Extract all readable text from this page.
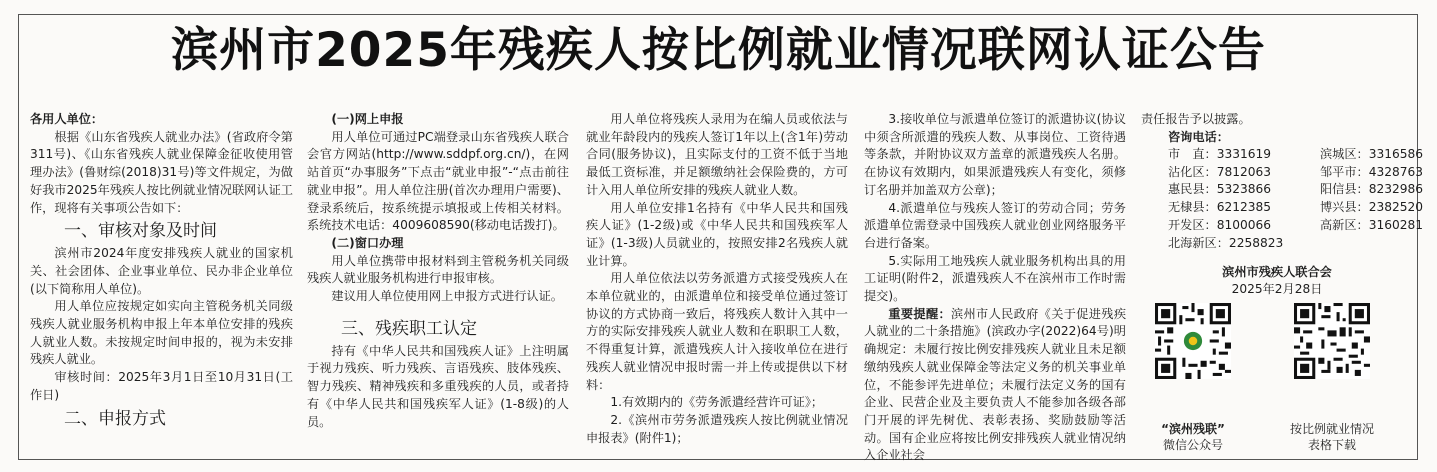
滨州市2025年残疾人按比例就业情况联网认证公告

各用人单位：

根据《山东省残疾人就业办法》(省政府令第311号)、《山东省残疾人就业保障金征收使用管理办法》(鲁财综(2018)31号)等文件规定，为做好我市2025年残疾人按比例就业情况联网认证工作，现将有关事项公告如下：

一、审核对象及时间

滨州市2024年度安排残疾人就业的国家机关、社会团体、企业事业单位、民办非企业单位(以下简称用人单位)。

用人单位应按规定如实向主管税务机关同级残疾人就业服务机构申报上年本单位安排的残疾人就业人数。未按规定时间申报的，视为未安排残疾人就业。

审核时间：2025年3月1日至10月31日(工作日)

二、申报方式

(一)网上申报

用人单位可通过PC端登录山东省残疾人联合会官方网站(http://www.sddpf.org.cn/)，在网站首页“办事服务”下点击“就业申报”-“点击前往就业申报”。用人单位注册(首次办理用户需要)、登录系统后，按系统提示填报或上传相关材料。系统技术电话：4009608590(移动电话拨打)。

(二)窗口办理

用人单位携带申报材料到主管税务机关同级残疾人就业服务机构进行申报审核。

建议用人单位使用网上申报方式进行认证。

三、残疾职工认定

持有《中华人民共和国残疾人证》上注明属于视力残疾、听力残疾、言语残疾、肢体残疾、智力残疾、精神残疾和多重残疾的人员，或者持有《中华人民共和国残疾军人证》(1-8级)的人员。

用人单位将残疾人录用为在编人员或依法与就业年龄段内的残疾人签订1年以上(含1年)劳动合同(服务协议)，且实际支付的工资不低于当地最低工资标准，并足额缴纳社会保险费的，方可计入用人单位所安排的残疾人就业人数。

用人单位安排1名持有《中华人民共和国残疾人证》(1-2级)或《中华人民共和国残疾军人证》(1-3级)人员就业的，按照安排2名残疾人就业计算。

用人单位依法以劳务派遣方式接受残疾人在本单位就业的，由派遣单位和接受单位通过签订协议的方式协商一致后，将残疾人数计入其中一方的实际安排残疾人就业人数和在职职工人数，不得重复计算，派遣残疾人计入接收单位在进行残疾人就业情况申报时需一并上传或提供以下材料：

1.有效期内的《劳务派遣经营许可证》；

2.《滨州市劳务派遣残疾人按比例就业情况申报表》(附件1)；

3.接收单位与派遣单位签订的派遣协议(协议中须含所派遣的残疾人数、从事岗位、工资待遇等条款，并附协议双方盖章的派遣残疾人名册。在协议有效期内，如果派遣残疾人有变化，须修订名册并加盖双方公章)；

4.派遣单位与残疾人签订的劳动合同；劳务派遣单位需登录中国残疾人就业创业网络服务平台进行备案。

5.实际用工地残疾人就业服务机构出具的用工证明(附件2，派遣残疾人不在滨州市工作时需提交)。

重要提醒：滨州市人民政府《关于促进残疾人就业的二十条措施》(滨政办字(2022)64号)明确规定：未履行按比例安排残疾人就业且未足额缴纳残疾人就业保障金等法定义务的机关事业单位，不能参评先进单位；未履行法定义务的国有企业、民营企业及主要负责人不能参加各级各部门开展的评先树优、表彰表扬、奖励鼓励等活动。国有企业应将按比例安排残疾人就业情况纳入企业社会

责任报告予以披露。

咨询电话：

市　直：3331619	滨城区：3316586
沾化区：7812063	邹平市：4328763
惠民县：5323866	阳信县：8232986
无棣县：6212385	博兴县：2382520
开发区：8100066	高新区：3160281
北海新区：2258823
滨州市残疾人联合会
2025年2月28日
“滨州残联”
微信公众号
按比例就业情况
表格下载
